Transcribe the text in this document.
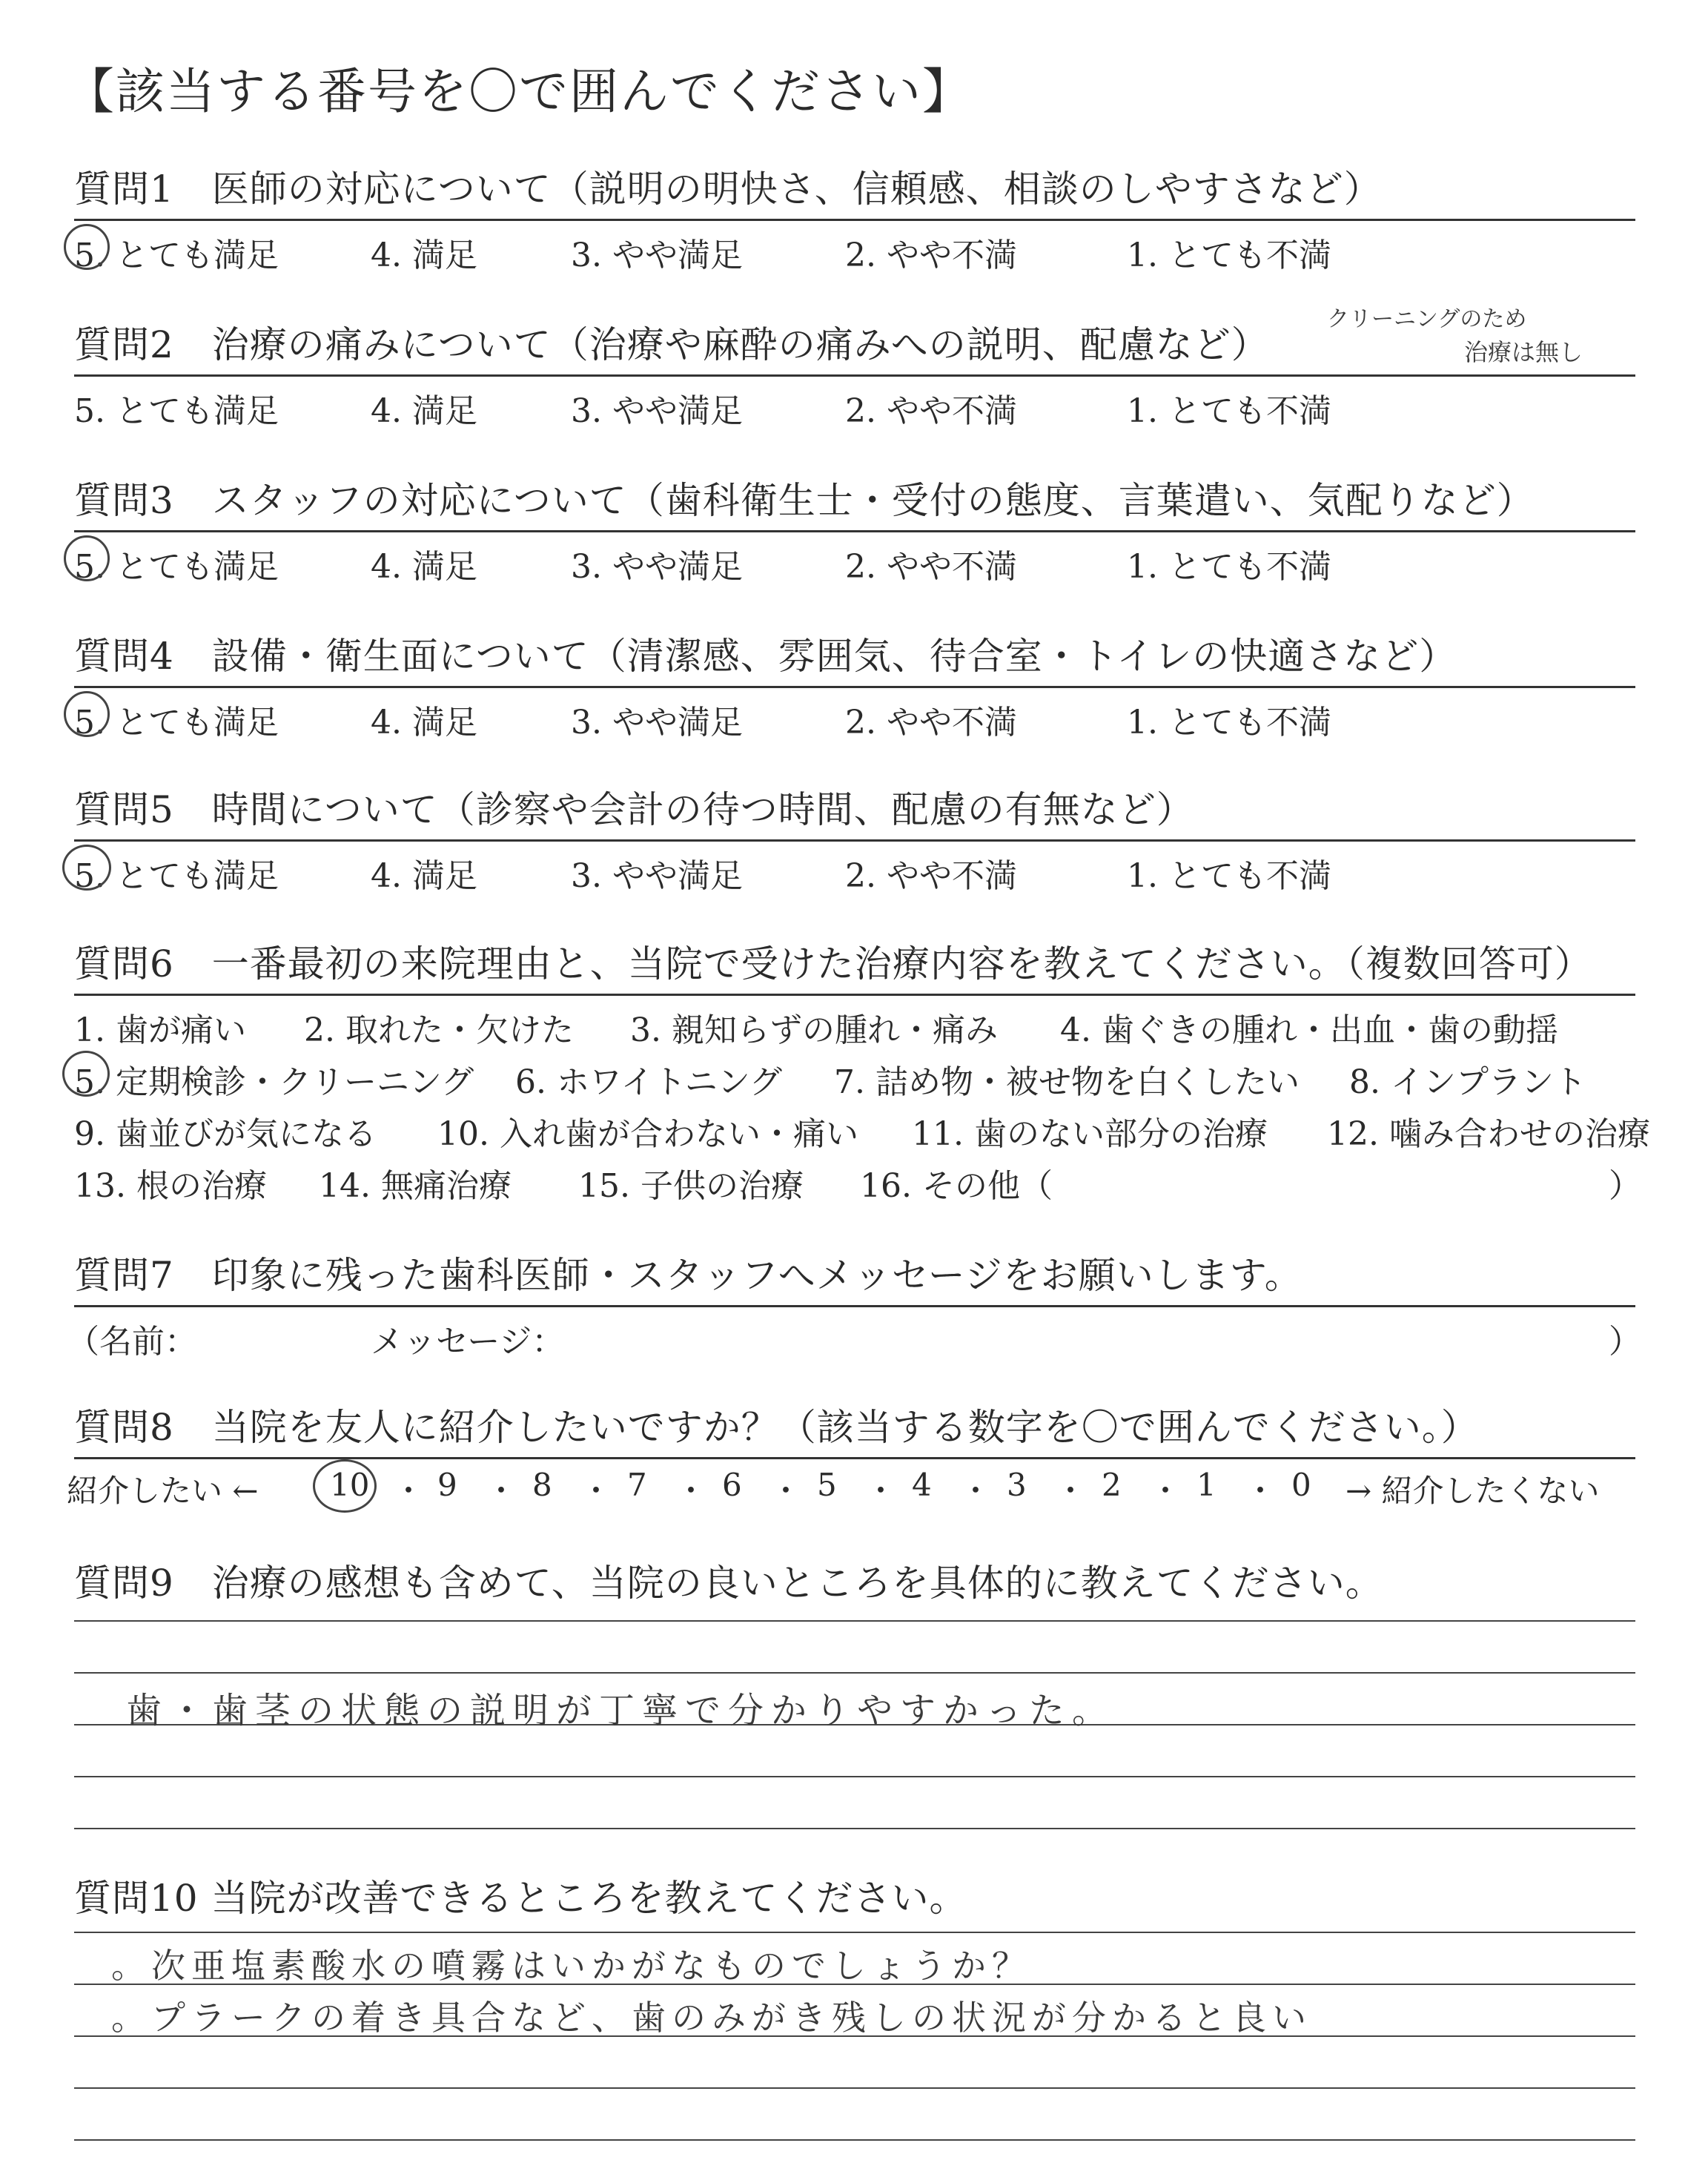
【該当する番号を〇で囲んでください】
質問1　医師の対応について（説明の明快さ、信頼感、相談のしやすさなど）
5. とても満足	4. 満足	3. やや満足	2. やや不満	1. とても不満
質問2　治療の痛みについて（治療や麻酔の痛みへの説明、配慮など）
5. とても満足	4. 満足	3. やや満足	2. やや不満	1. とても不満
クリーニングのため
治療は無し
質問3　スタッフの対応について（歯科衛生士・受付の態度、言葉遣い、気配りなど）
5. とても満足	4. 満足	3. やや満足	2. やや不満	1. とても不満
質問4　設備・衛生面について（清潔感、雰囲気、待合室・トイレの快適さなど）
5. とても満足	4. 満足	3. やや満足	2. やや不満	1. とても不満
質問5　時間について（診察や会計の待つ時間、配慮の有無など）
5. とても満足	4. 満足	3. やや満足	2. やや不満	1. とても不満
質問6　一番最初の来院理由と、当院で受けた治療内容を教えてください。（複数回答可）
1. 歯が痛い 2. 取れた・欠けた 3. 親知らずの腫れ・痛み 4. 歯ぐきの腫れ・出血・歯の動揺
5. 定期検診・クリーニング 6. ホワイトニング 7. 詰め物・被せ物を白くしたい 8. インプラント
9. 歯並びが気になる 10. 入れ歯が合わない・痛い 11. 歯のない部分の治療 12. 噛み合わせの治療
13. 根の治療 14. 無痛治療 15. 子供の治療 16. その他（	）
質問7　印象に残った歯科医師・スタッフへメッセージをお願いします。
（名前：	メッセージ：	）
質問8　当院を友人に紹介したいですか？（該当する数字を〇で囲んでください。）
紹介したい ← 10 ・ 9 ・ 8 ・ 7 ・ 6 ・ 5 ・ 4 ・ 3 ・ 2 ・ 1 ・ 0 → 紹介したくない
質問9　治療の感想も含めて、当院の良いところを具体的に教えてください。
歯・歯茎の状態の説明が丁寧で分かりやすかった。
質問10 当院が改善できるところを教えてください。
。次亜塩素酸水の噴霧はいかがなものでしょうか？
。プラークの着き具合など、歯のみがき残しの状況が分かると良い
